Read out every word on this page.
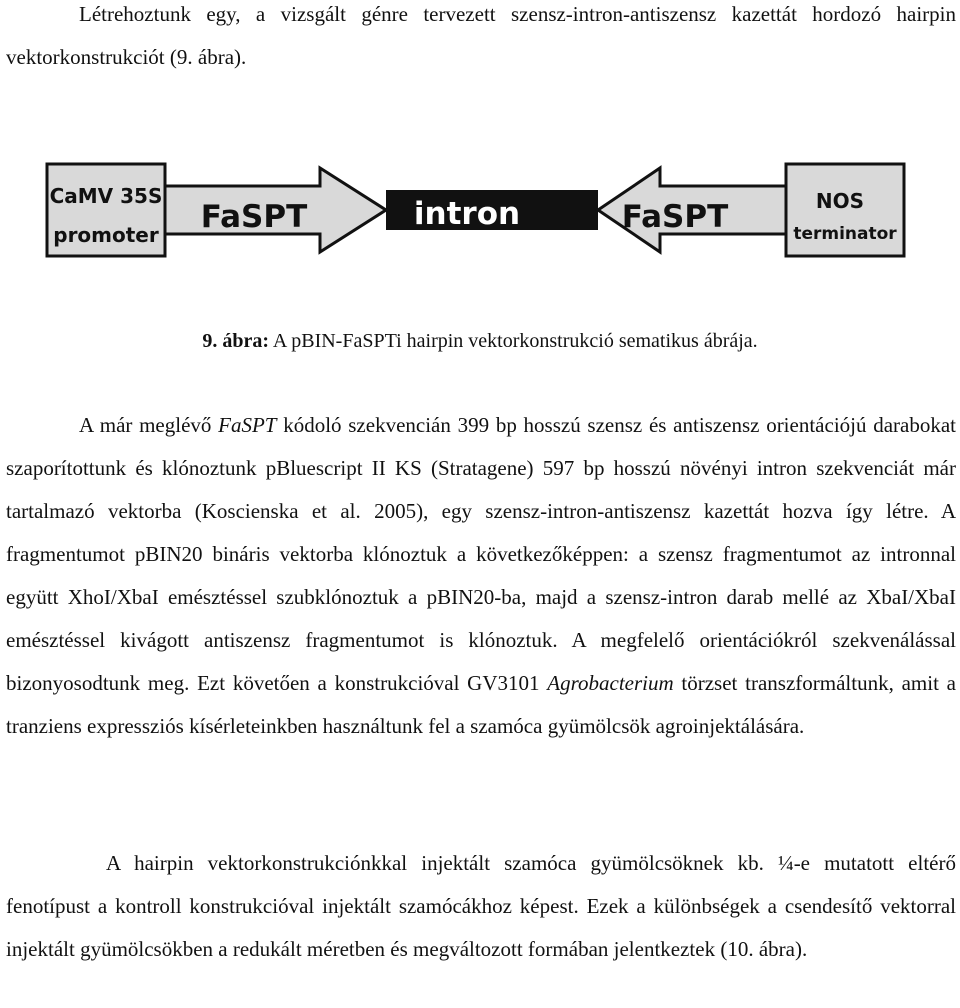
Létrehoztunk egy, a vizsgált génre tervezett szensz-intron-antiszensz kazettát hordozó hairpin vektorkonstrukciót (9. ábra).

CaMV 35S
promoter FaSPT	intron	FaSPT	NOS
terminator
9. ábra: A pBIN-FaSPTi hairpin vektorkonstrukció sematikus ábrája.

A már meglévő FaSPT kódoló szekvencián 399 bp hosszú szensz és antiszensz orientációjú darabokat szaporítottunk és klónoztunk pBluescript II KS (Stratagene) 597 bp hosszú növényi intron szekvenciát már tartalmazó vektorba (Koscienska et al. 2005), egy szensz-intron-antiszensz kazettát hozva így létre. A fragmentumot pBIN20 bináris vektorba klónoztuk a következőképpen: a szensz fragmentumot az intronnal együtt XhoI/XbaI emésztéssel szubklónoztuk a pBIN20-ba, majd a szensz-intron darab mellé az XbaI/XbaI emésztéssel kivágott antiszensz fragmentumot is klónoztuk. A megfelelő orientációkról szekvenálással bizonyosodtunk meg. Ezt követően a konstrukcióval GV3101 Agrobacterium törzset transzformáltunk, amit a tranziens expressziós kísérleteinkben használtunk fel a szamóca gyümölcsök agroinjektálására.

A hairpin vektorkonstrukciónkkal injektált szamóca gyümölcsöknek kb. ¼-e mutatott eltérő fenotípust a kontroll konstrukcióval injektált szamócákhoz képest. Ezek a különbségek a csendesítő vektorral injektált gyümölcsökben a redukált méretben és megváltozott formában jelentkeztek (10. ábra).
